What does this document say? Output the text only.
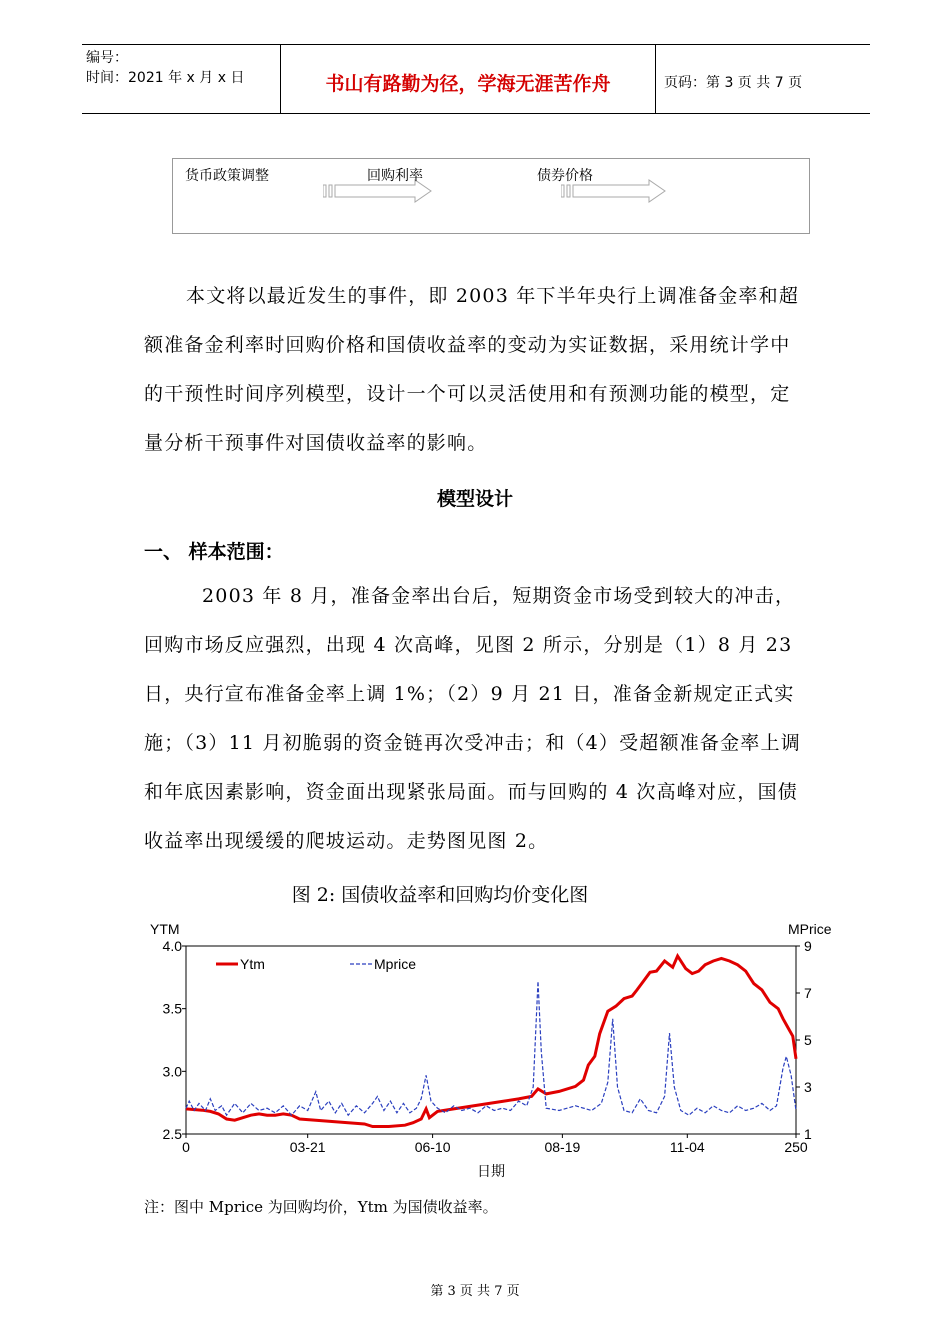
编号：
时间：2021 年 x 月 x 日	书山有路勤为径，学海无涯苦作舟	页码：第 3 页 共 7 页
货币政策调整	回购利率	债券价格

本文将以最近发生的事件，即 2003 年下半年央行上调准备金率和超额准备金利率时回购价格和国债收益率的变动为实证数据，采用统计学中的干预性时间序列模型，设计一个可以灵活使用和有预测功能的模型，定量分析干预事件对国债收益率的影响。

模型设计
一、 样本范围：

2003 年 8 月，准备金率出台后，短期资金市场受到较大的冲击，回购市场反应强烈，出现 4 次高峰，见图 2 所示，分别是（1）8 月 23 日，央行宣布准备金率上调 1%；（2）9 月 21 日，准备金新规定正式实施；（3）11 月初脆弱的资金链再次受冲击；和（4）受超额准备金率上调和年底因素影响，资金面出现紧张局面。而与回购的 4 次高峰对应，国债收益率出现缓缓的爬坡运动。走势图见图 2。

图 2: 国债收益率和回购均价变化图
2.5
3.0
3.5
4.0
1
3
5
7
9
0	03-21	06-10	08-19	11-04	250
YTM	MPrice
日期
Ytm	Mprice
注：图中 Mprice 为回购均价，Ytm 为国债收益率。
第 3 页 共 7 页
